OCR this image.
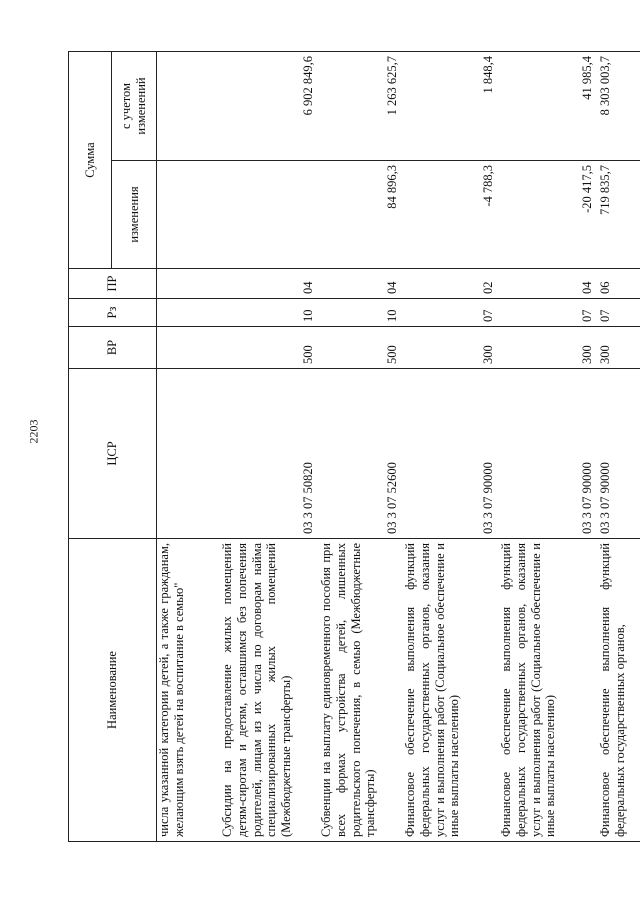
2203
Наименование	ЦСР	ВР	Рз	ПР	Сумма	
					изменения	с учетом изменений
числа указанной категории детей, а также гражданам, желающим взять детей на воспитание в семью"						
Субсидии на предоставление жилых помещений детям-сиротам и детям, оставшимся без попечения родителей, лицам из их числа по договорам найма специализированных жилых помещений (Межбюджетные трансферты)	03 3 07 50820	500	10	04		6 902 849,6
Субвенции на выплату единовременного пособия при всех формах устройства детей, лишенных родительского попечения, в семью (Межбюджетные трансферты)	03 3 07 52600	500	10	04	84 896,3	1 263 625,7
Финансовое обеспечение выполнения функций федеральных государственных органов, оказания услуг и выполнения работ (Социальное обеспечение и иные выплаты населению)	03 3 07 90000	300	07	02	-4 788,3	1 848,4
Финансовое обеспечение выполнения функций федеральных государственных органов, оказания услуг и выполнения работ (Социальное обеспечение и иные выплаты населению)	03 3 07 90000	300	07	04	-20 417,5	41 985,4
Финансовое обеспечение выполнения функций федеральных государственных органов,	03 3 07 90000	300	07	06	719 835,7	8 303 003,7
